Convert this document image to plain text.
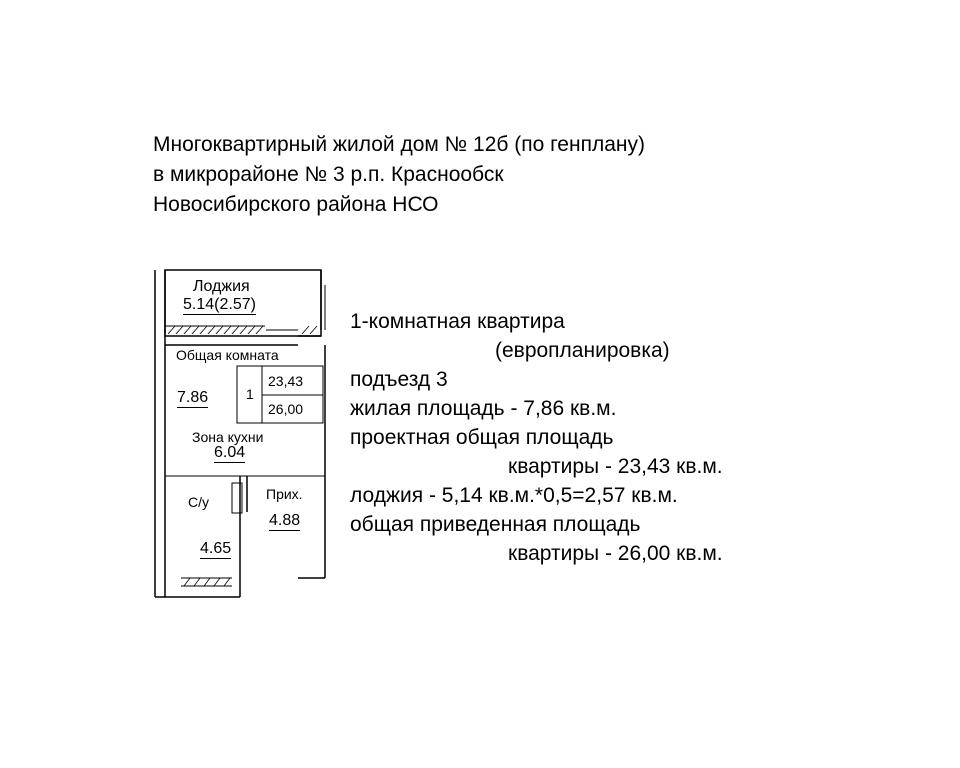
Многоквартирный жилой дом № 12б (по генплану)
в микрорайоне № 3 р.п. Краснообск
Новосибирского района НСО
Лоджия
5.14(2.57)
Общая комната
7.86	1
23,43
26,00
Зона кухни
6.04
С/у
4.65
Прих.
4.88
1-комнатная квартира
(европланировка)
подъезд 3
жилая площадь - 7,86 кв.м.
проектная общая площадь
квартиры - 23,43 кв.м.
лоджия - 5,14 кв.м.*0,5=2,57 кв.м.
общая приведенная площадь
квартиры - 26,00 кв.м.
